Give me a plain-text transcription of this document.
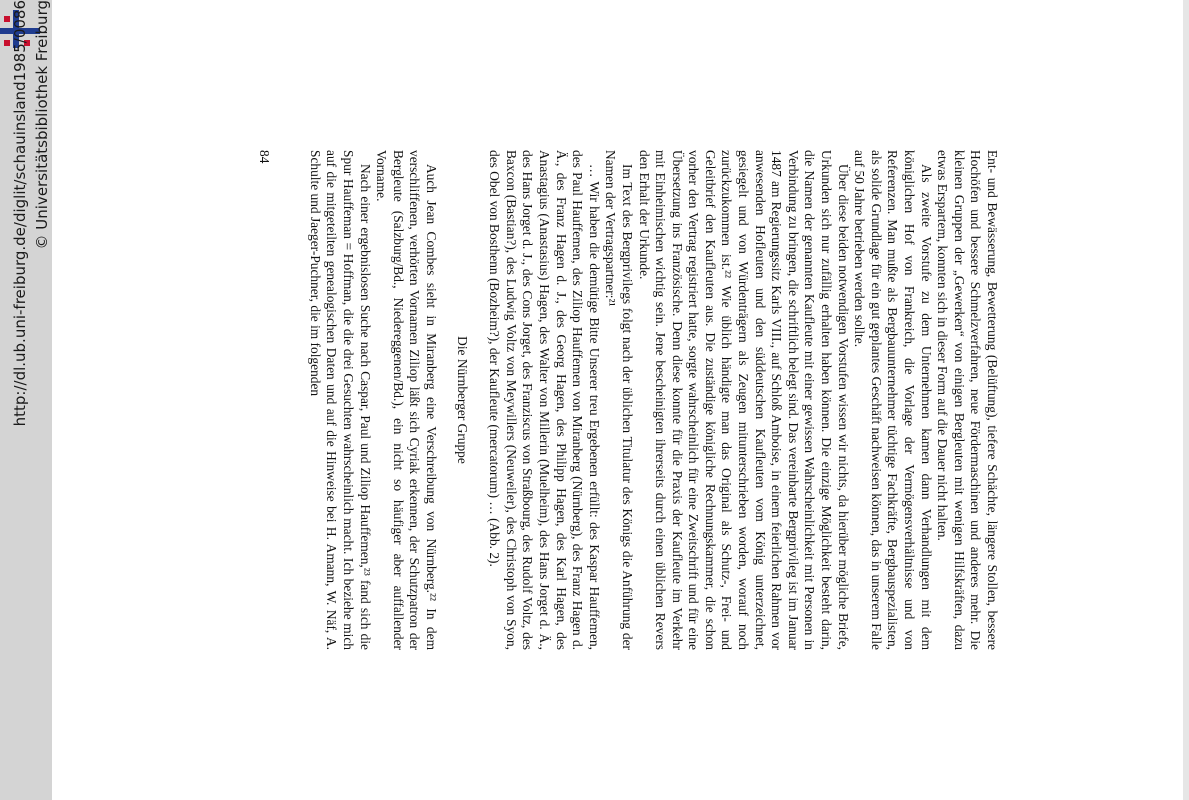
http://dl.ub.uni-freiburg.de/diglit/schauinsland1985/0086 © Universitätsbibliothek Freiburg

Ent- und Bewässerung, Bewetterung (Belüftung), tiefere Schächte, längere Stollen, bessere Hochöfen und bessere Schmelzverfahren, neue Fördermaschinen und anderes mehr. Die kleinen Gruppen der „Gewerken“ von einigen Bergleuten mit wenigen Hilfskräften, dazu etwas Erspartem, konnten sich in dieser Form auf die Dauer nicht halten.

Als zweite Vorstufe zu dem Unternehmen kamen dann Verhandlungen mit dem königlichen Hof von Frankreich, die Vorlage der Vermögensverhältnisse und von Referenzen. Man mußte als Bergbauunternehmer tüchtige Fachkräfte, Bergbauspezialisten, als solide Grundlage für ein gut geplantes Geschäft nachweisen können, das in unserem Falle auf 50 Jahre betrieben werden sollte.

Über diese beiden notwendigen Vorstufen wissen wir nichts, da hierüber mögliche Briefe, Urkunden sich nur zufällig erhalten haben können. Die einzige Möglichkeit besteht darin, die Namen der genannten Kaufleute mit einer gewissen Wahrscheinlichkeit mit Personen in Verbindung zu bringen, die schriftlich belegt sind. Das vereinbarte Bergprivileg ist im Januar 1487 am Regierungssitz Karls VIII., auf Schloß Amboise, in einem feierlichen Rahmen vor anwesenden Hofleuten und den süddeutschen Kaufleuten vom König unterzeichnet, gesiegelt und von Würdenträgern als Zeugen mitunterschrieben worden, worauf noch zurückzukommen ist.²² Wie üblich händigte man das Original als Schutz-, Frei- und Geleitbrief den Kaufleuten aus. Die zuständige königliche Rechnungskammer, die schon vorher den Vertrag registriert hatte, sorgte wahrscheinlich für eine Zweitschrift und für eine Übersetzung ins Französische. Denn diese konnte für die Praxis der Kaufleute im Verkehr mit Einheimischen wichtig sein. Jene bescheinigten ihrerseits durch einen üblichen Revers den Erhalt der Urkunde.

Im Text des Bergprivilegs folgt nach der üblichen Titulatur des Königs die Anführung der Namen der Vertragspartner:²¹

… Wir haben die demütige Bitte Unserer treu Ergebenen erfüllt: des Kaspar Hauffemen, des Paul Hauffemen, des Ziliop Hauffemen von Miranberg (Nürnberg), des Franz Hagen d. Ä., des Franz Hagen d. J., des Georg Hagen, des Philipp Hagen, des Karl Hagen, des Anastagius (Anastasius) Hagen, des Walter von Millerin (Muelheim), des Hans Jorget d. Ä., des Hans Jorget d. J., des Cons Jorget, des Franziscus von Straßbourg, des Rudolf Voltz, des Baxcon (Bastian?), des Ludwig Voltz von Meywillers (Neuweiler), des Christoph von Syon, des Obel von Bosthenn (Bozheim?), der Kaufleute (mercatorum) … (Abb. 2).

Die Nürnberger Gruppe

Auch Jean Combes sieht in Miranberg eine Verschreibung von Nürnberg.²² In dem verschliffenen, verhörten Vornamen Ziliop läßt sich Cyriak erkennen, der Schutzpatron der Bergleute (Salzburg/Bd., Niedereggenen/Bd.), ein nicht so häufiger aber auffallender Vorname.

Nach einer ergebnislosen Suche nach Caspar, Paul und Ziliop Hauffemen,²³ fand sich die Spur Hauffeman = Hoffman, die die drei Gesuchten wahrscheinlich macht. Ich beziehe mich auf die mitgeteilten genealogischen Daten und auf die Hinweise bei H. Amann, W. Näf, A. Schulte und Jaeger-Puchner, die im folgenden

84
